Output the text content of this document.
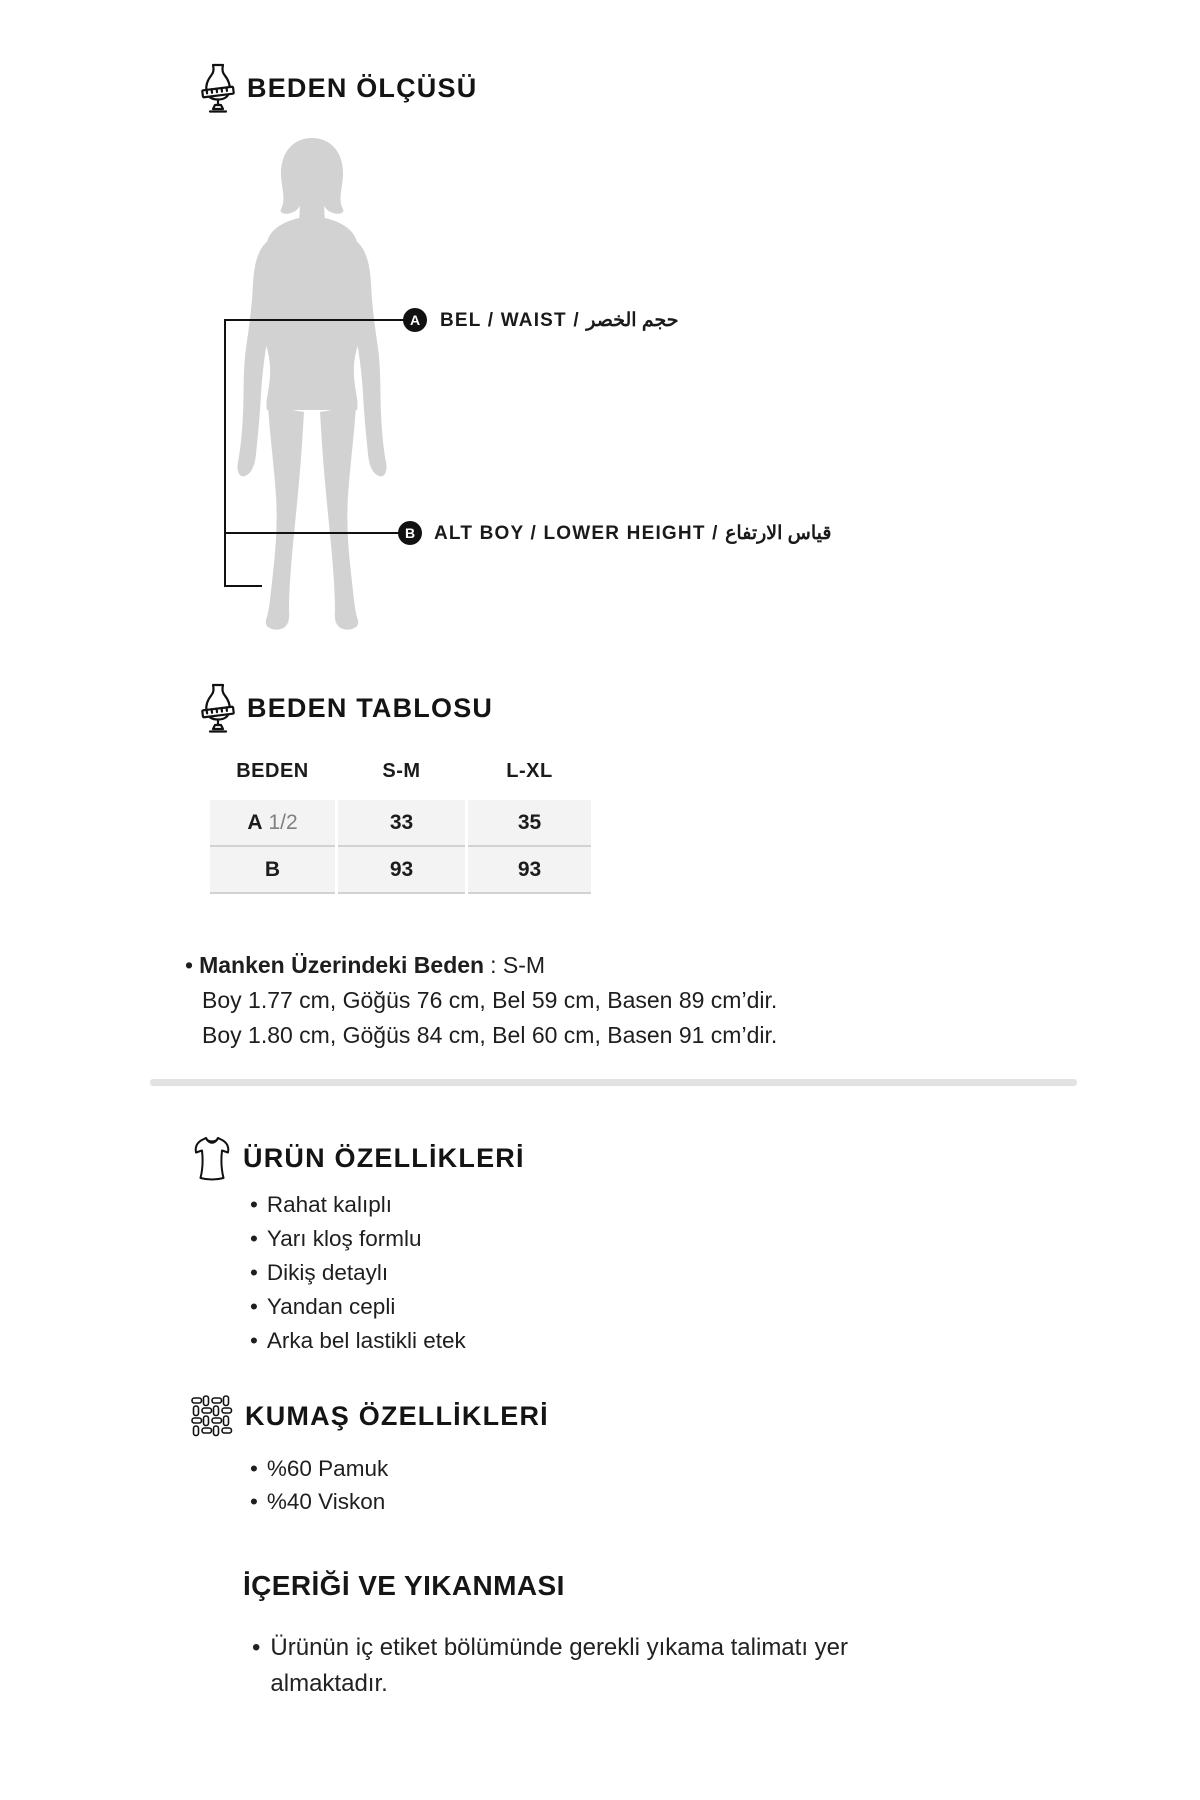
BEDEN ÖLÇÜSÜ
A BEL / WAIST / حجم الخصر
B ALT BOY / LOWER HEIGHT / قياس الارتفاع
BEDEN TABLOSU
BEDEN	S-M	L-XL
A 1/2	33	35
B	93	93
• Manken Üzerindeki Beden : S-M
Boy 1.77 cm, Göğüs 76 cm, Bel 59 cm, Basen 89 cm’dir.
Boy 1.80 cm, Göğüs 84 cm, Bel 60 cm, Basen 91 cm’dir.
ÜRÜN ÖZELLİKLERİ
• Rahat kalıplı
• Yarı kloş formlu
• Dikiş detaylı
• Yandan cepli
• Arka bel lastikli etek
KUMAŞ ÖZELLİKLERİ
• %60 Pamuk
• %40 Viskon
İÇERİĞİ VE YIKANMASI
• Ürünün iç etiket bölümünde gerekli yıkama talimatı yer almaktadır.
